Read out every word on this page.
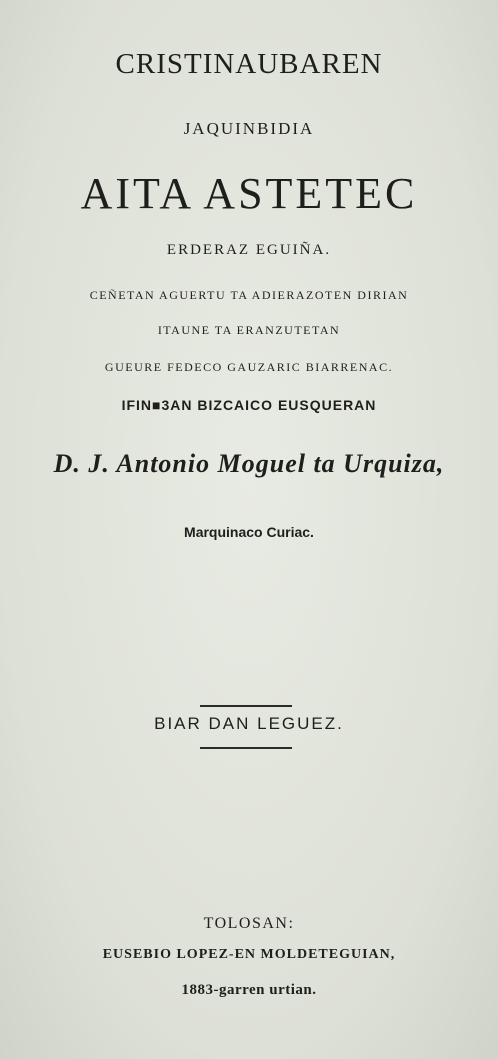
CRISTINAUBAREN
JAQUINBIDIA
AITA ASTETEC
ERDERAZ EGUIÑA.
CEÑETAN AGUERTU TA ADIERAZOTEN DIRIAN
ITAUNE TA ERANZUTETAN
GUEURE FEDECO GAUZARIC BIARRENAC.
IFIN■3AN BIZCAICO EUSQUERAN
D. J. Antonio Moguel ta Urquiza,
Marquinaco Curiac.
BIAR DAN LEGUEZ.
TOLOSAN:
EUSEBIO LOPEZ-EN MOLDETEGUIAN,
1883-garren urtian.
